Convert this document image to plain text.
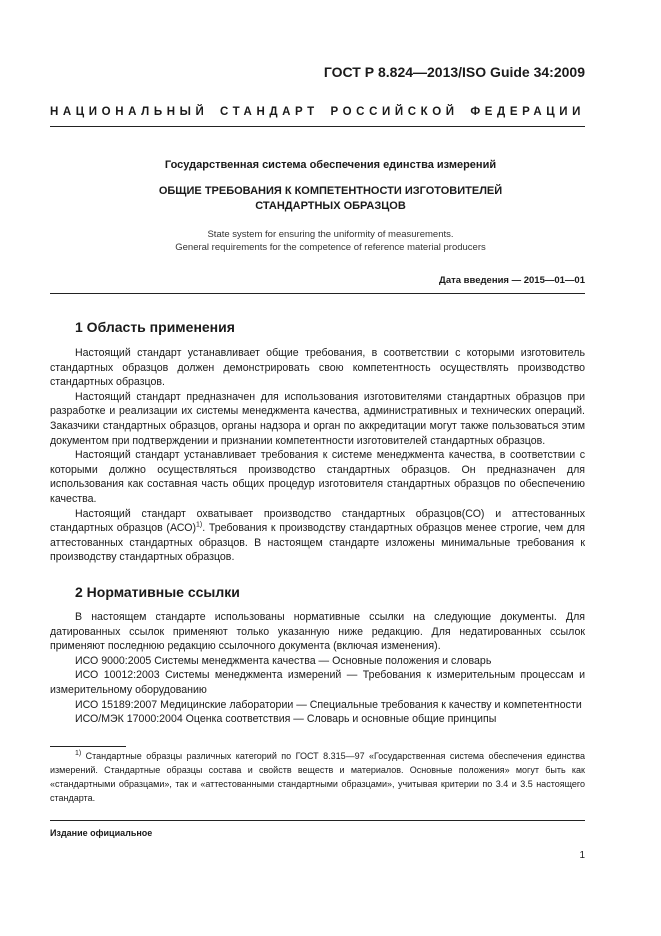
ГОСТ Р 8.824—2013/ISO Guide 34:2009
НАЦИОНАЛЬНЫЙ СТАНДАРТ РОССИЙСКОЙ ФЕДЕРАЦИИ
Государственная система обеспечения единства измерений
ОБЩИЕ ТРЕБОВАНИЯ К КОМПЕТЕНТНОСТИ ИЗГОТОВИТЕЛЕЙ
СТАНДАРТНЫХ ОБРАЗЦОВ
State system for ensuring the uniformity of measurements.
General requirements for the competence of reference material producers
Дата введения — 2015—01—01
1 Область применения

Настоящий стандарт устанавливает общие требования, в соответствии с которыми изготовитель стандартных образцов должен демонстрировать свою компетентность осуществлять производство стандартных образцов.

Настоящий стандарт предназначен для использования изготовителями стандартных образцов при разработке и реализации их системы менеджмента качества, административных и технических операций. Заказчики стандартных образцов, органы надзора и орган по аккредитации могут также пользоваться этим документом при подтверждении и признании компетентности изготовителей стандартных образцов.

Настоящий стандарт устанавливает требования к системе менеджмента качества, в соответствии с которыми должно осуществляться производство стандартных образцов. Он предназначен для использования как составная часть общих процедур изготовителя стандартных образцов по обеспечению качества.

Настоящий стандарт охватывает производство стандартных образцов(СО) и аттестованных стандартных образцов (АСО)$^{1)}$. Требования к производству стандартных образцов менее строгие, чем для аттестованных стандартных образцов. В настоящем стандарте изложены минимальные требования к производству стандартных образцов.

2 Нормативные ссылки

В настоящем стандарте использованы нормативные ссылки на следующие документы. Для датированных ссылок применяют только указанную ниже редакцию. Для недатированных ссылок применяют последнюю редакцию ссылочного документа (включая изменения).

ИСО 9000:2005 Системы менеджмента качества — Основные положения и словарь

ИСО 10012:2003 Системы менеджмента измерений — Требования к измерительным процессам и измерительному оборудованию

ИСО 15189:2007 Медицинские лаборатории — Специальные требования к качеству и компетентности

ИСО/МЭК 17000:2004 Оценка соответствия — Словарь и основные общие принципы

$^{1)}$ Стандартные образцы различных категорий по ГОСТ 8.315—97 «Государственная система обеспечения единства измерений. Стандартные образцы состава и свойств веществ и материалов. Основные положения» могут быть как «стандартными образцами», так и «аттестованными стандартными образцами», учитывая критерии по 3.4 и 3.5 настоящего стандарта.

Издание официальное
1
